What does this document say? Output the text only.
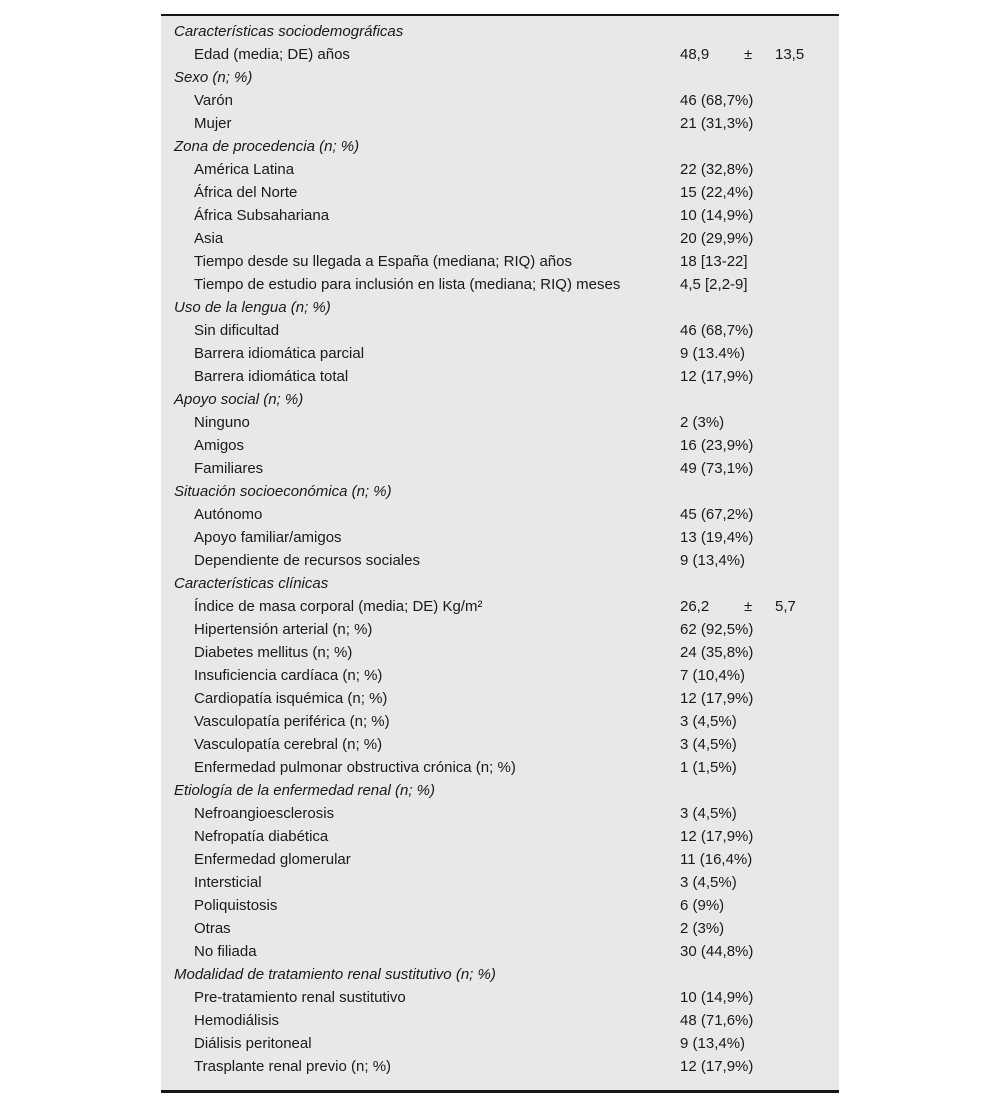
Características sociodemográficas
Edad (media; DE) años	48,9 ± 13,5
Sexo (n; %)
Varón	46 (68,7%)
Mujer	21 (31,3%)
Zona de procedencia (n; %)
América Latina	22 (32,8%)
África del Norte	15 (22,4%)
África Subsahariana	10 (14,9%)
Asia	20 (29,9%)
Tiempo desde su llegada a España (mediana; RIQ) años	18 [13-22]
Tiempo de estudio para inclusión en lista (mediana; RIQ) meses	4,5 [2,2-9]
Uso de la lengua (n; %)
Sin dificultad	46 (68,7%)
Barrera idiomática parcial	9 (13.4%)
Barrera idiomática total	12 (17,9%)
Apoyo social (n; %)
Ninguno	2 (3%)
Amigos	16 (23,9%)
Familiares	49 (73,1%)
Situación socioeconómica (n; %)
Autónomo	45 (67,2%)
Apoyo familiar/amigos	13 (19,4%)
Dependiente de recursos sociales	9 (13,4%)
Características clínicas
Índice de masa corporal (media; DE) Kg/m²	26,2 ± 5,7
Hipertensión arterial (n; %)	62 (92,5%)
Diabetes mellitus (n; %)	24 (35,8%)
Insuficiencia cardíaca (n; %)	7 (10,4%)
Cardiopatía isquémica (n; %)	12 (17,9%)
Vasculopatía periférica (n; %)	3 (4,5%)
Vasculopatía cerebral (n; %)	3 (4,5%)
Enfermedad pulmonar obstructiva crónica (n; %)	1 (1,5%)
Etiología de la enfermedad renal (n; %)
Nefroangioesclerosis	3 (4,5%)
Nefropatía diabética	12 (17,9%)
Enfermedad glomerular	11 (16,4%)
Intersticial	3 (4,5%)
Poliquistosis	6 (9%)
Otras	2 (3%)
No filiada	30 (44,8%)
Modalidad de tratamiento renal sustitutivo (n; %)
Pre-tratamiento renal sustitutivo	10 (14,9%)
Hemodiálisis	48 (71,6%)
Diálisis peritoneal	9 (13,4%)
Trasplante renal previo (n; %)	12 (17,9%)
